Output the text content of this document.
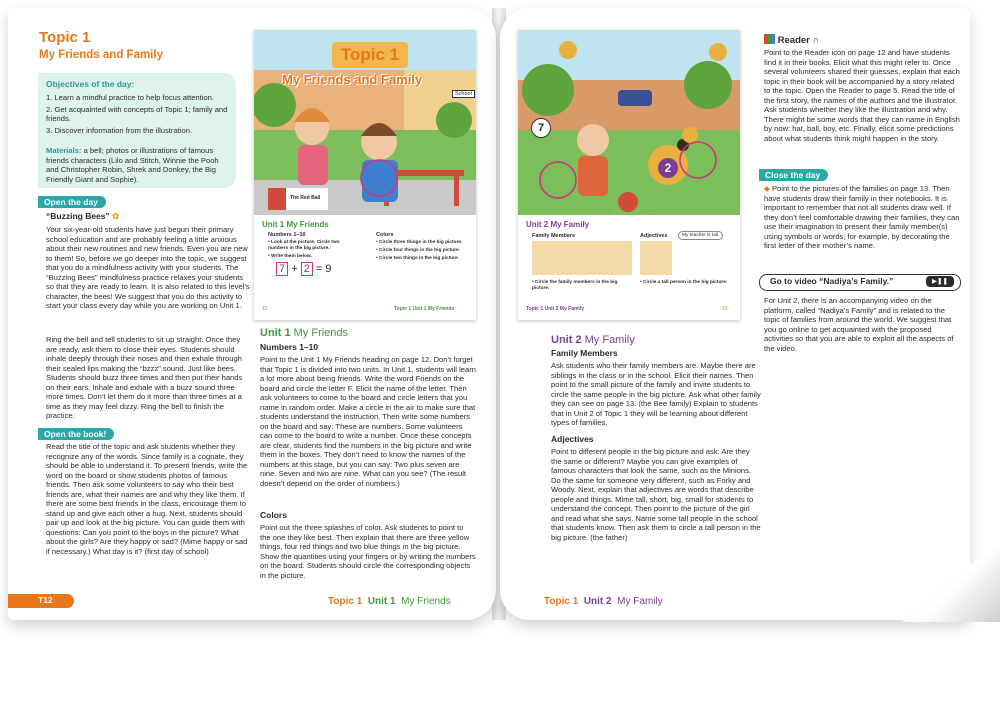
Topic 1
My Friends and Family
Objectives of the day:
1. Learn a mindful practice to help focus attention.
2. Get acquainted with concepts of Topic 1; family and friends.
3. Discover information from the illustration.
Materials: a bell; photos or illustrations of famous friends characters (Lilo and Stitch, Winnie the Pooh and Christopher Robin, Shrek and Donkey, the Big Friendly Giant and Sophie).
Open the day
“Buzzing Bees” ✿
Your six-year-old students have just begun their primary school education and are probably feeling a little anxious about their new routines and new friends. Even you are new to them! So, before we go deeper into the topic, we suggest that you do a mindfulness activity with your students. The “Buzzing Bees” mindfulness practice relaxes your students so that they are ready to learn. It is also related to this level’s character, the bees! We suggest that you do this activity to start your class every day while you are working on Unit 1.
Ring the bell and tell students to sit up straight. Once they are ready, ask them to close their eyes. Students should inhale deeply through their noses and then exhale through their sealed lips making the “bzzz” sound. Just like bees. Students should buzz three times and then put their hands on their ears. Inhale and exhale with a buzz sound three more times. Don’t let them do it more than three times at a time as they may feel dizzy. Ring the bell to finish the practice.
Open the book!
Read the title of the topic and ask students whether they recognize any of the words. Since family is a cognate, they should be able to understand it. To present friends, write the word on the board or show students photos of famous friends. Then ask some volunteers to say who their best friends are, what their names are and why they like them. If there are some best friends in the class, encourage them to stand up and give each other a hug. Next, students should pair up and look at the big picture. You can guide them with questions: Can you point to the boys in the picture? What about the girls? Are they happy or sad? (Mime happy or sad if necessary.) What day is it? (first day of school)
T12	Topic 1 Unit 1 My Friends
Topic 1
My Friends and Family
School
The Red Ball
Unit 1 My Friends
Numbers 1–10
• Look at the picture. Circle two numbers in the big picture.
• Write them below.
7 + 2 = 9
Colors
• Circle three things in the big picture.
• Circle four things in the big picture.
• Circle two things in the big picture.
12	Topic 1 Unit 1 My Friends
Unit 1 My Friends
Numbers 1–10
Point to the Unit 1 My Friends heading on page 12. Don’t forget that Topic 1 is divided into two units. In Unit 1, students will learn a lot more about being friends. Write the word Friends on the board and circle the letter F. Elicit the name of the letter. Then ask volunteers to come to the board and circle letters that you name in random order. Make a circle in the air to make sure that students understand the instruction. Then write some numbers on the board and say: These are numbers. Some volunteers can come to the board to write a number. Once these concepts are clear, students find the numbers in the big picture and write them in the boxes. They don’t need to know the names of the numbers at this stage, but you can say: Two plus seven are nine. Seven and two are nine. What can you see? (The result doesn’t depend on the order of numbers.)
Colors
Point out the three splashes of color. Ask students to point to the one they like best. Then explain that there are three yellow things, four red things and two blue things in the big picture. Show the quantities using your fingers or by writing the numbers on the board. Students should circle the corresponding objects in the picture.
7
2
Unit 2 My Family
Family Members
• Circle the family members in the big picture.
Adjectives	My teacher is tall.
• Circle a tall person in the big picture.
Topic 1 Unit 2 My Family	13
Unit 2 My Family
Family Members
Ask students who their family members are. Maybe there are siblings in the class or in the school. Elicit their names. Then point to the small picture of the family and invite students to circle the same people in the big picture. Ask what other family they can see on page 13. (the Bee family) Explain to students that in Unit 2 of Topic 1 they will be learning about different types of families.
Adjectives
Point to different people in the big picture and ask: Are they the same or different? Maybe you can give examples of famous characters that look the same, such as the Minions. Do the same for someone very different, such as Forky and Woody. Next, explain that adjectives are words that describe people and things. Mime tall, short, big, small for students to understand the concept. Then point to the picture of the girl and read what she says. Name some tall people in the school that students know. Then ask them to circle a tall person in the big picture. (the father)
Reader ∩
Point to the Reader icon on page 12 and have students find it in their books. Elicit what this might refer to. Once several volunteers shared their guesses, explain that each topic in their book will be accompanied by a story related to the topic. Open the Reader to page 5. Read the title of the first story, the names of the authors and the illustrator. Ask students whether they like the illustration and why. There might be some words that they can name in English by now: hat, ball, boy, etc. Finally, elicit some predictions about what students think might happen in the story.
Close the day
◆ Point to the pictures of the families on page 13. Then have students draw their family in their notebooks. It is important to remember that not all students draw well. If they don’t feel comfortable drawing their families, they can use their imagination to present their family member(s) using symbols or words, for example, by decorating the first letter of their mother’s name.
Go to video “Nadiya’s Family.”	▶❚❚
For Unit 2, there is an accompanying video on the platform, called “Nadiya’s Family” and is related to the topic of families from around the world. We suggest that you go online to get acquainted with the proposed activities so that you are able to exploit all the aspects of the video.
Topic 1 Unit 2 My Family
